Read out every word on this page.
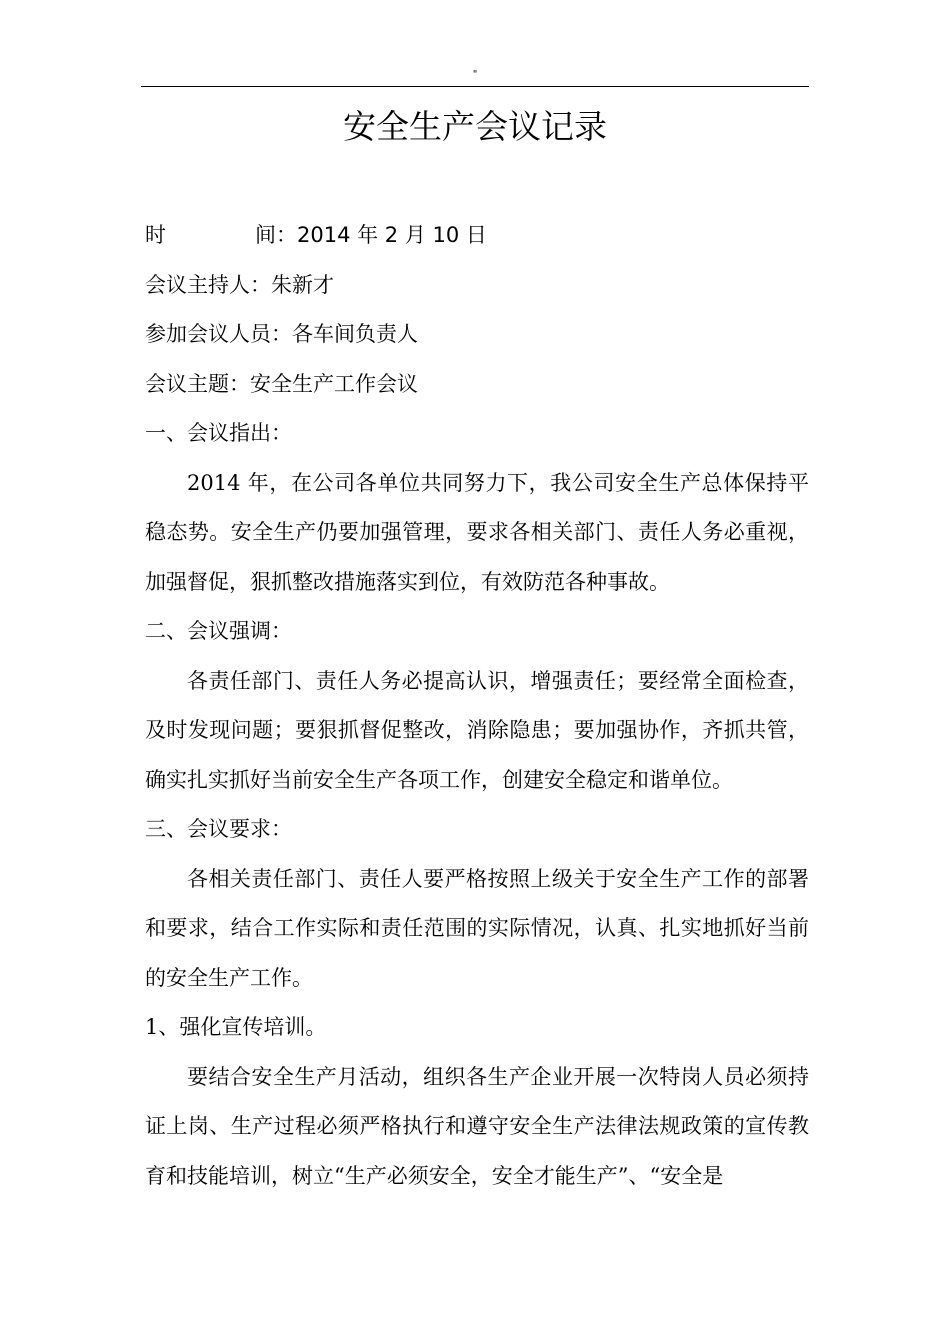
"
安全生产会议记录
时	间：2014 年 2 月 10 日
会议主持人：朱新才
参加会议人员：各车间负责人
会议主题：安全生产工作会议
一、会议指出：
2014 年，在公司各单位共同努力下，我公司安全生产总体保持平稳态势。安全生产仍要加强管理，要求各相关部门、责任人务必重视，加强督促，狠抓整改措施落实到位，有效防范各种事故。
二、会议强调：
各责任部门、责任人务必提高认识，增强责任；要经常全面检查，及时发现问题；要狠抓督促整改，消除隐患；要加强协作，齐抓共管，确实扎实抓好当前安全生产各项工作，创建安全稳定和谐单位。
三、会议要求：
各相关责任部门、责任人要严格按照上级关于安全生产工作的部署和要求，结合工作实际和责任范围的实际情况，认真、扎实地抓好当前的安全生产工作。
1、强化宣传培训。
要结合安全生产月活动，组织各生产企业开展一次特岗人员必须持证上岗、生产过程必须严格执行和遵守安全生产法律法规政策的宣传教育和技能培训，树立“生产必须安全，安全才能生产”、“安全是
